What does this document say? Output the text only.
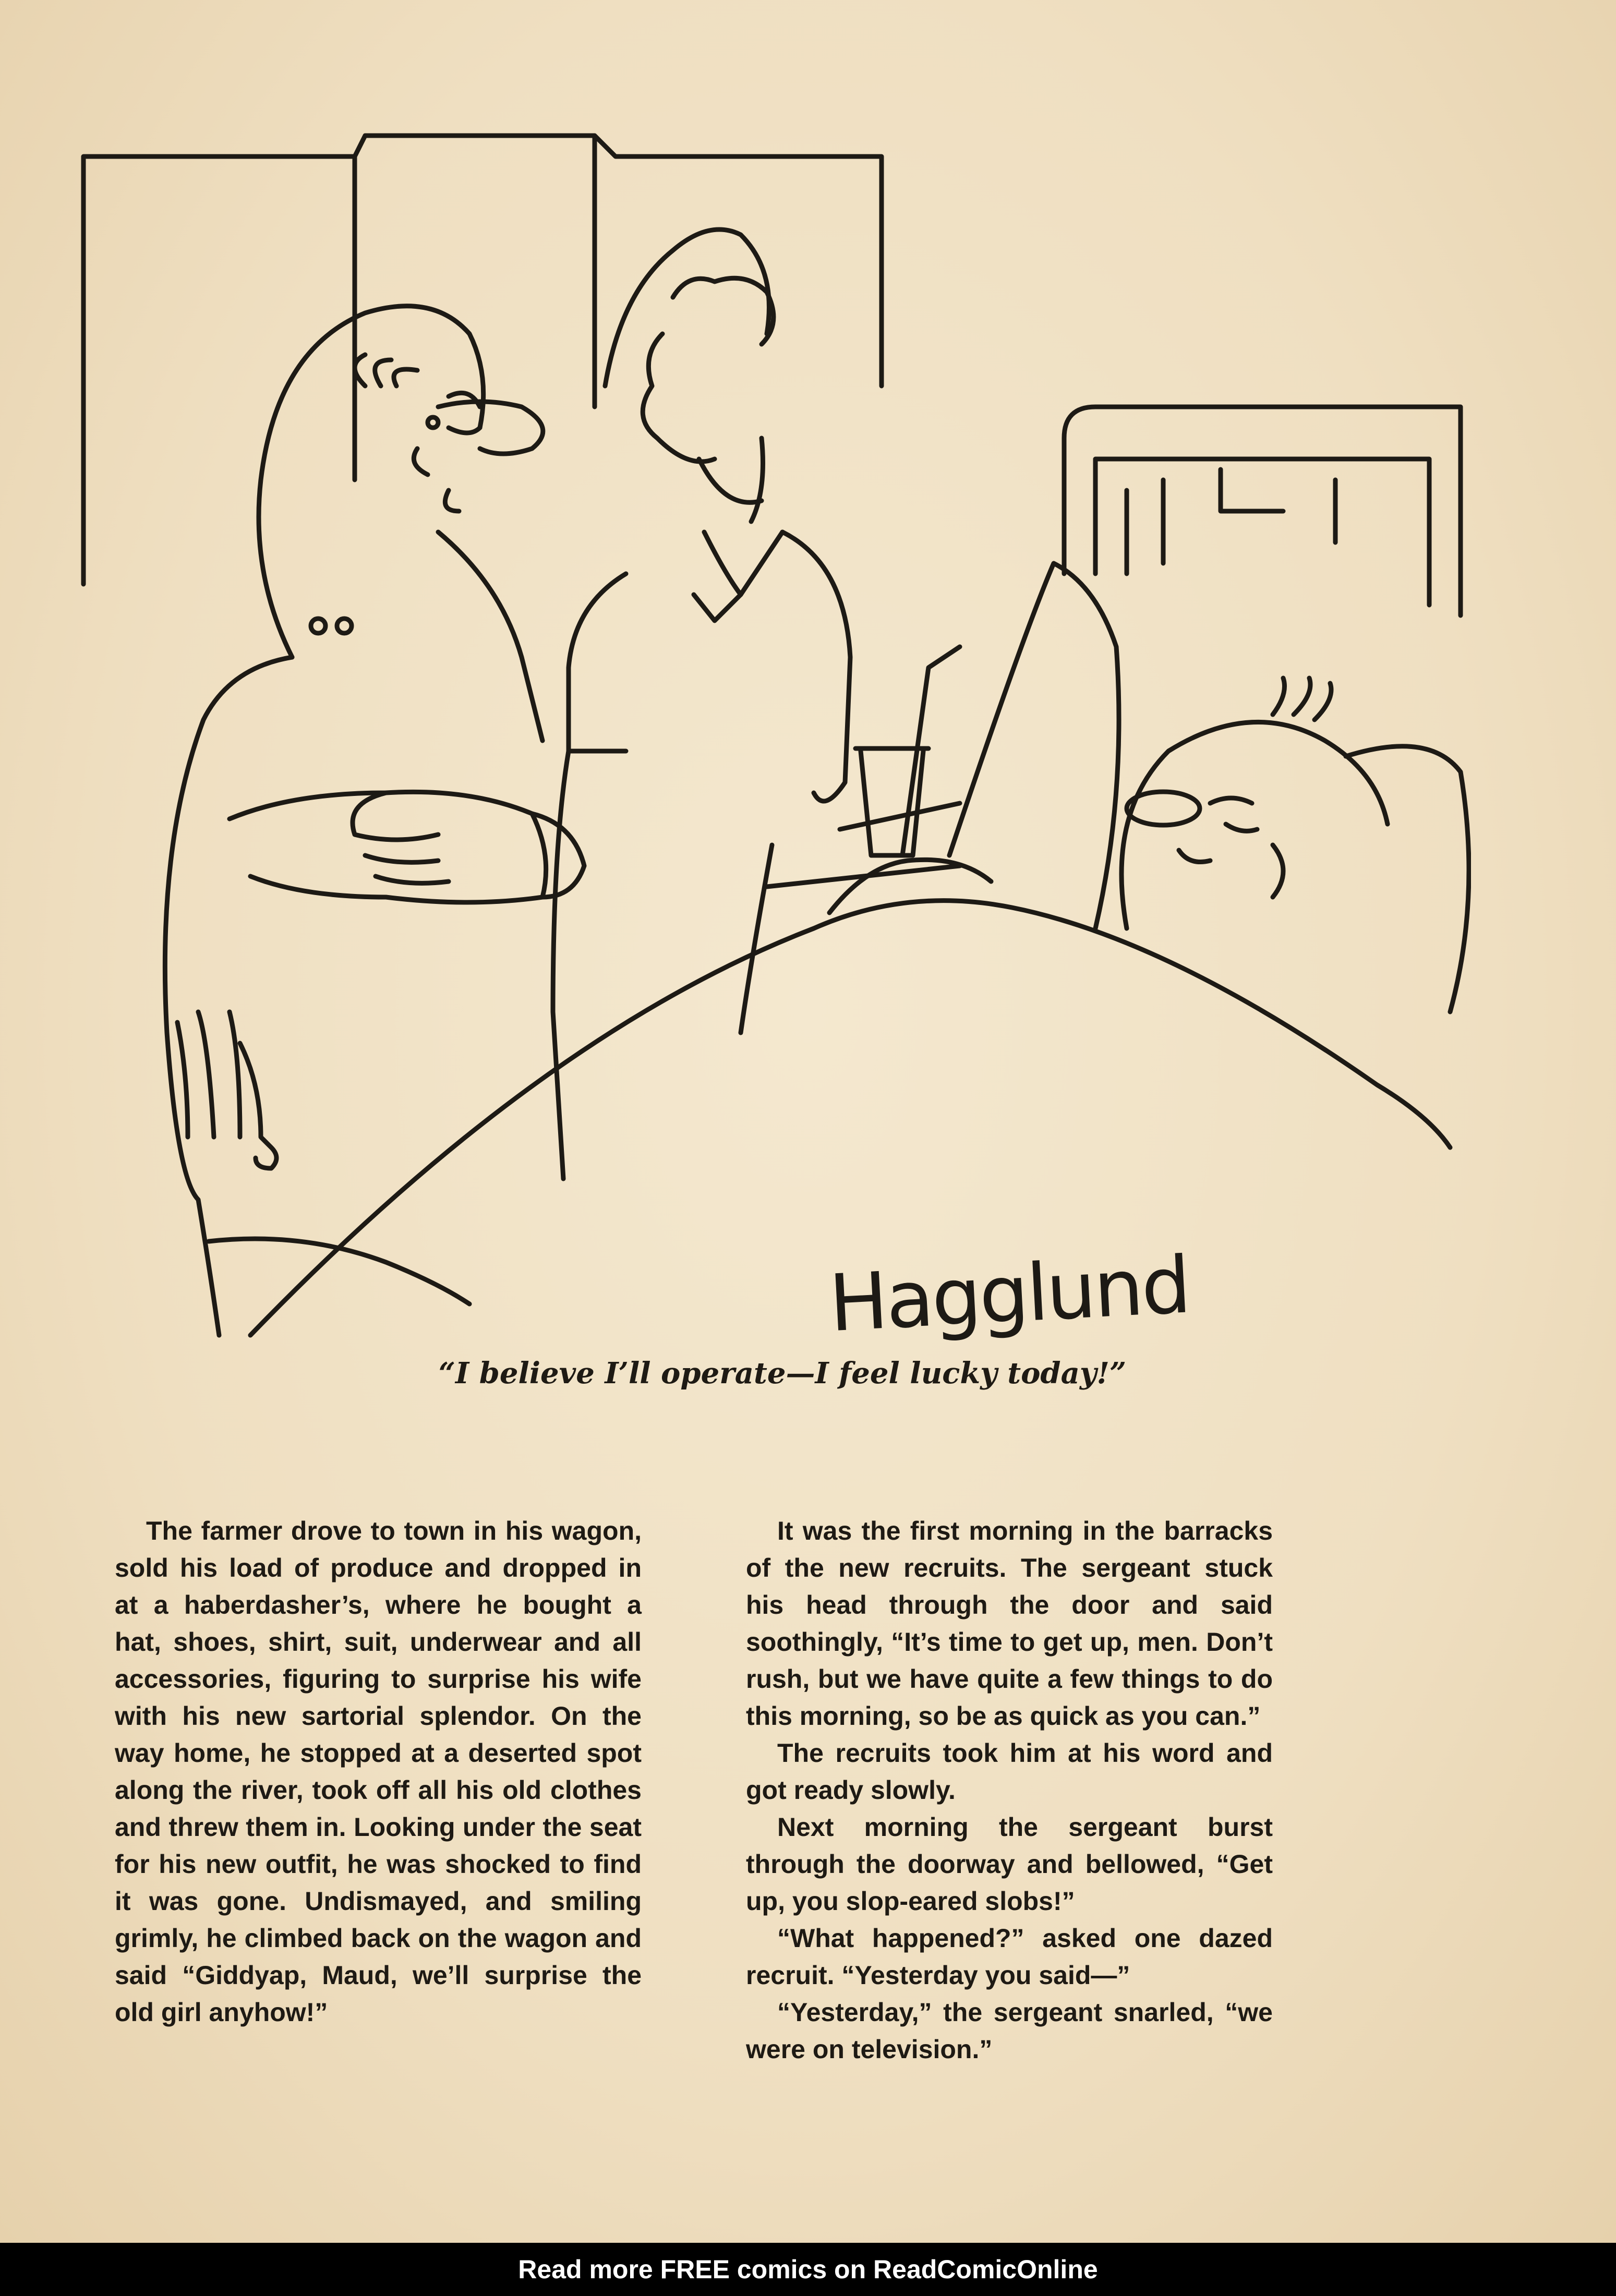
Hagglund
“I believe I’ll operate—I feel lucky today!”

The farmer drove to town in his wagon, sold his load of produce and dropped in at a haberdasher’s, where he bought a hat, shoes, shirt, suit, underwear and all accessories, figuring to surprise his wife with his new sartorial splendor. On the way home, he stopped at a deserted spot along the river, took off all his old clothes and threw them in. Looking under the seat for his new outfit, he was shocked to find it was gone. Undismayed, and smiling grimly, he climbed back on the wagon and said “Giddyap, Maud, we’ll surprise the old girl anyhow!”

It was the first morning in the barracks of the new recruits. The sergeant stuck his head through the door and said soothingly, “It’s time to get up, men. Don’t rush, but we have quite a few things to do this morning, so be as quick as you can.”

The recruits took him at his word and got ready slowly.

Next morning the sergeant burst through the doorway and bellowed, “Get up, you slop-eared slobs!”

“What happened?” asked one dazed recruit. “Yesterday you said—”

“Yesterday,” the sergeant snarled, “we were on television.”

Read more FREE comics on ReadComicOnline
